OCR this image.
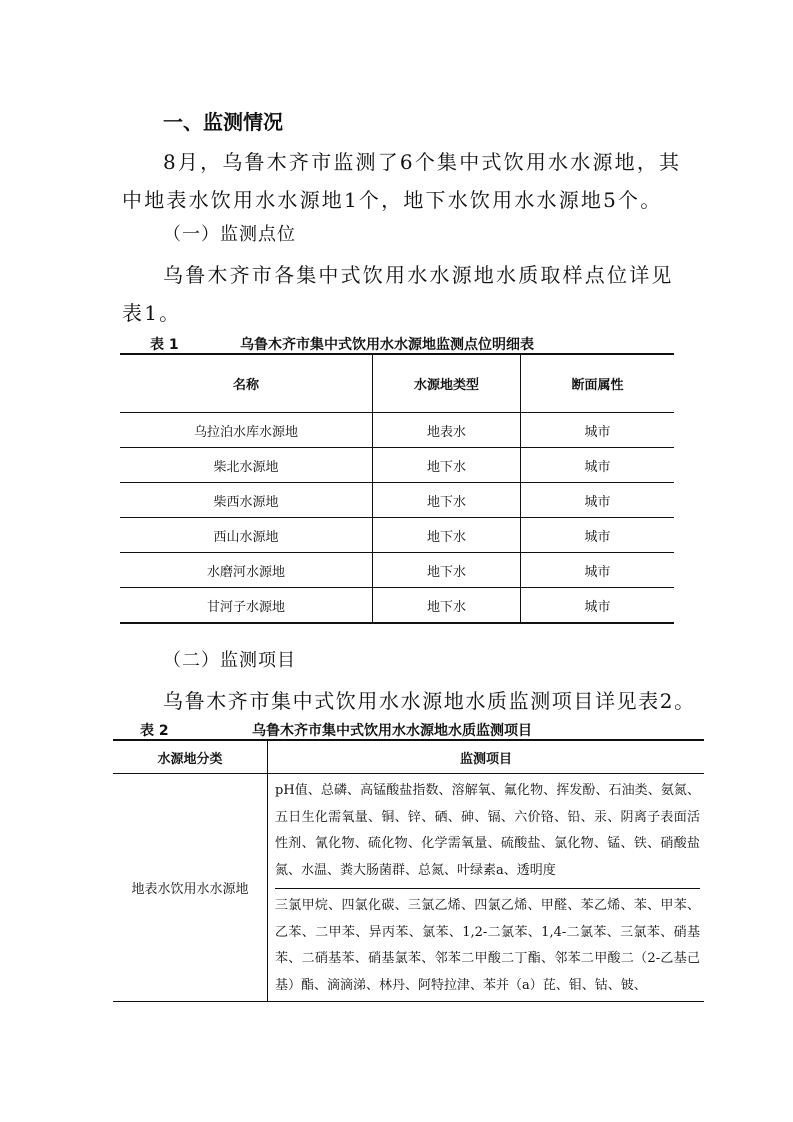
一、监测情况
8月，乌鲁木齐市监测了6个集中式饮用水水源地，其
中地表水饮用水水源地1个，地下水饮用水水源地5个。
（一）监测点位
乌鲁木齐市各集中式饮用水水源地水质取样点位详见
表1。
表 1	乌鲁木齐市集中式饮用水水源地监测点位明细表
名称	水源地类型	断面属性
乌拉泊水库水源地	地表水	城市
柴北水源地	地下水	城市
柴西水源地	地下水	城市
西山水源地	地下水	城市
水磨河水源地	地下水	城市
甘河子水源地	地下水	城市
（二）监测项目
乌鲁木齐市集中式饮用水水源地水质监测项目详见表2。
表 2	乌鲁木齐市集中式饮用水水源地水质监测项目
水源地分类	监测项目
地表水饮用水水源地	pH值、总磷、高锰酸盐指数、溶解氧、氟化物、挥发酚、石油类、氨氮、五日生化需氧量、铜、锌、硒、砷、镉、六价铬、铅、汞、阴离子表面活性剂、氰化物、硫化物、化学需氧量、硫酸盐、氯化物、锰、铁、硝酸盐氮、水温、粪大肠菌群、总氮、叶绿素a、透明度
三氯甲烷、四氯化碳、三氯乙烯、四氯乙烯、甲醛、苯乙烯、苯、甲苯、乙苯、二甲苯、异丙苯、氯苯、1,2-二氯苯、1,4-二氯苯、三氯苯、硝基苯、二硝基苯、硝基氯苯、邻苯二甲酸二丁酯、邻苯二甲酸二（2-乙基己基）酯、滴滴涕、林丹、阿特拉津、苯并（a）芘、钼、钴、铍、
